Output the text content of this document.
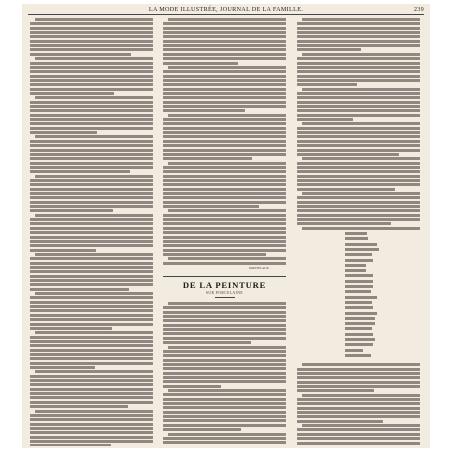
LA MODE ILLUSTRÉE, JOURNAL DE LA FAMILLE.	239
MONTFLAUE.
DE LA PEINTURE
SUR PORCELAINE
